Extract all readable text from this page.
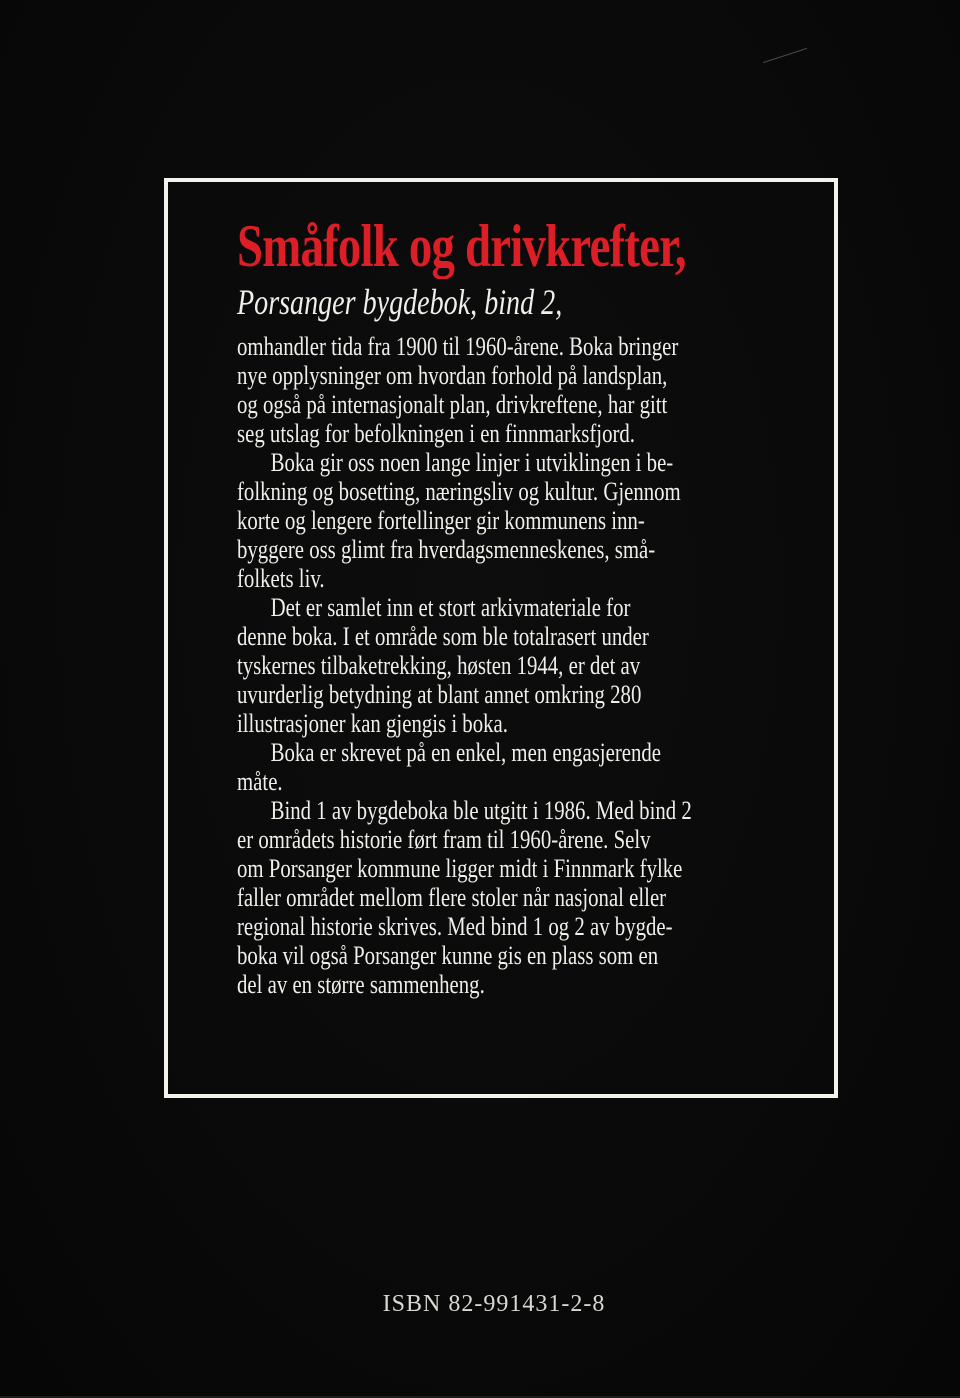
Småfolk og drivkrefter,
Porsanger bygdebok, bind 2,
omhandler tida fra 1900 til 1960-årene. Boka bringer
nye opplysninger om hvordan forhold på landsplan,
og også på internasjonalt plan, drivkreftene, har gitt
seg utslag for befolkningen i en finnmarksfjord.
Boka gir oss noen lange linjer i utviklingen i be-
folkning og bosetting, næringsliv og kultur. Gjennom
korte og lengere fortellinger gir kommunens inn-
byggere oss glimt fra hverdagsmenneskenes, små-
folkets liv.
Det er samlet inn et stort arkivmateriale for
denne boka. I et område som ble totalrasert under
tyskernes tilbaketrekking, høsten 1944, er det av
uvurderlig betydning at blant annet omkring 280
illustrasjoner kan gjengis i boka.
Boka er skrevet på en enkel, men engasjerende
måte.
Bind 1 av bygdeboka ble utgitt i 1986. Med bind 2
er områdets historie ført fram til 1960-årene. Selv
om Porsanger kommune ligger midt i Finnmark fylke
faller området mellom flere stoler når nasjonal eller
regional historie skrives. Med bind 1 og 2 av bygde-
boka vil også Porsanger kunne gis en plass som en
del av en større sammenheng.
ISBN 82-991431-2-8
